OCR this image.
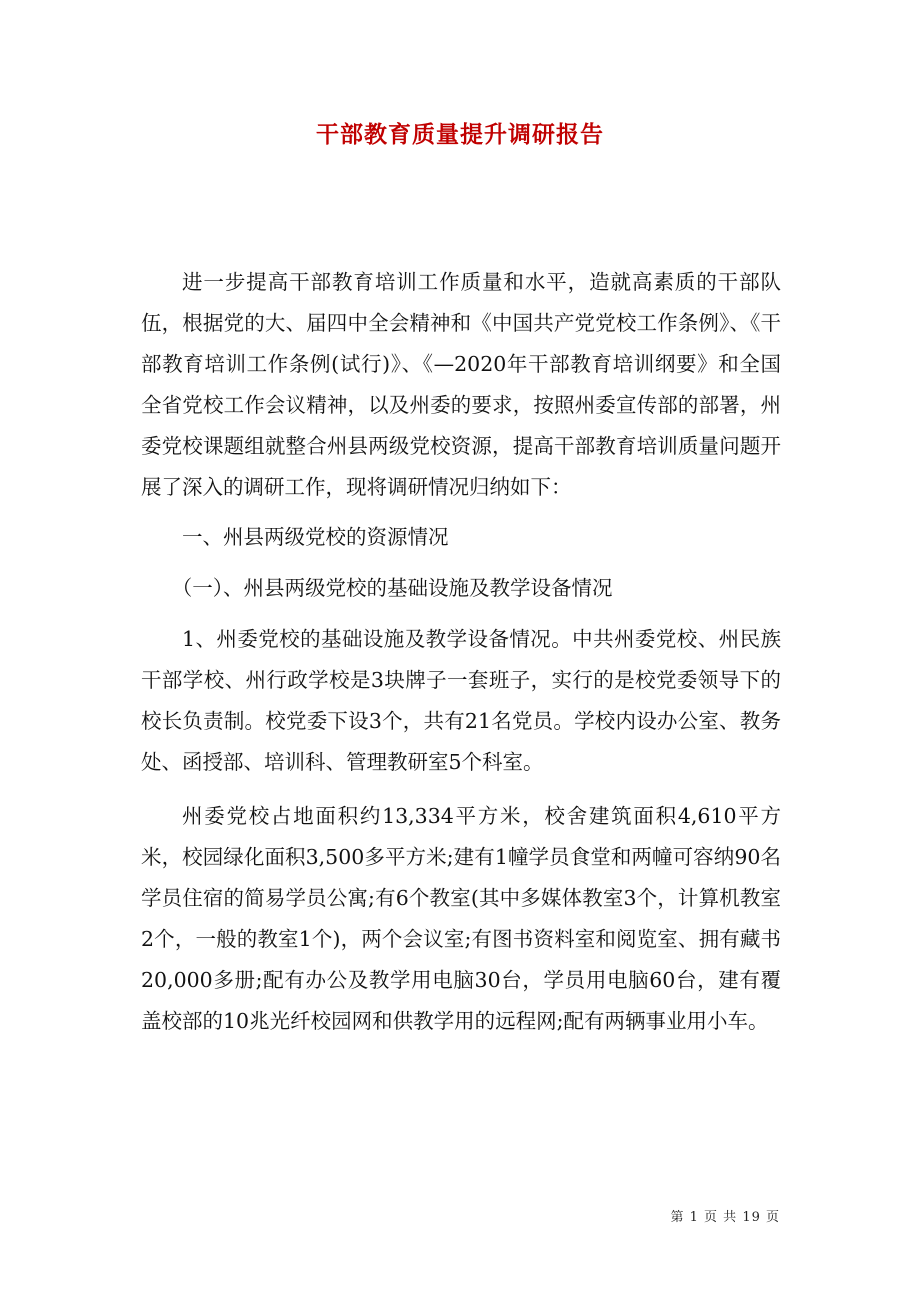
干部教育质量提升调研报告

进一步提高干部教育培训工作质量和水平，造就高素质的干部队伍，根据党的大、届四中全会精神和《中国共产党党校工作条例》、《干部教育培训工作条例(试行)》、《—2020年干部教育培训纲要》和全国全省党校工作会议精神，以及州委的要求，按照州委宣传部的部署，州委党校课题组就整合州县两级党校资源，提高干部教育培训质量问题开展了深入的调研工作，现将调研情况归纳如下：

一、州县两级党校的资源情况

（一）、州县两级党校的基础设施及教学设备情况

1、州委党校的基础设施及教学设备情况。中共州委党校、州民族干部学校、州行政学校是3块牌子一套班子，实行的是校党委领导下的校长负责制。校党委下设3个，共有21名党员。学校内设办公室、教务处、函授部、培训科、管理教研室5个科室。

州委党校占地面积约13,334平方米，校舍建筑面积4,610平方米，校园绿化面积3,500多平方米;建有1幢学员食堂和两幢可容纳90名学员住宿的简易学员公寓;有6个教室(其中多媒体教室3个，计算机教室2个，一般的教室1个)，两个会议室;有图书资料室和阅览室、拥有藏书20,000多册;配有办公及教学用电脑30台，学员用电脑60台，建有覆盖校部的10兆光纤校园网和供教学用的远程网;配有两辆事业用小车。

第 1 页 共 19 页
